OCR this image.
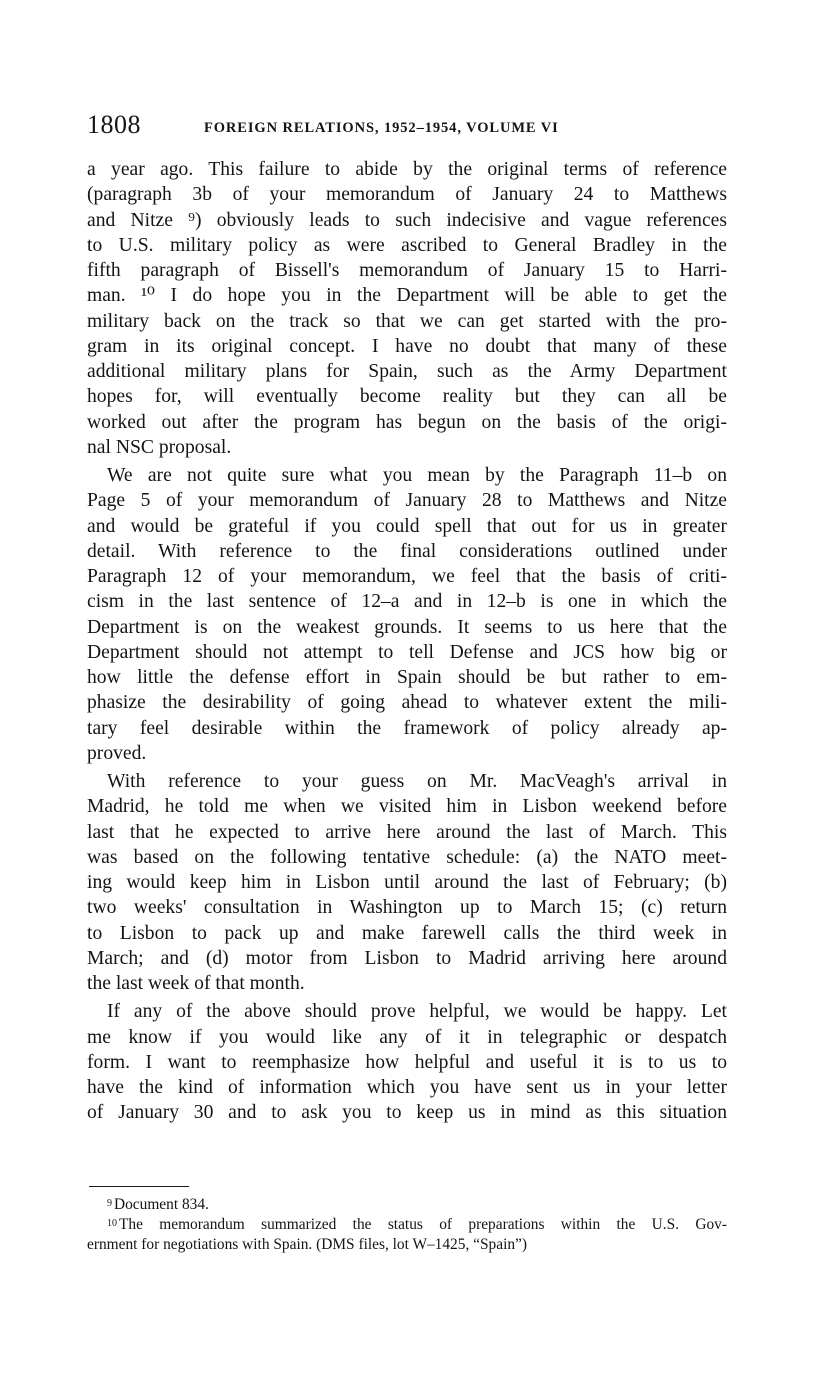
1808	FOREIGN RELATIONS, 1952–1954, VOLUME VI
a year ago. This failure to abide by the original terms of reference
(paragraph 3b of your memorandum of January 24 to Matthews
and Nitze ⁹) obviously leads to such indecisive and vague references
to U.S. military policy as were ascribed to General Bradley in the
fifth paragraph of Bissell's memorandum of January 15 to Harri-
man. ¹⁰ I do hope you in the Department will be able to get the
military back on the track so that we can get started with the pro-
gram in its original concept. I have no doubt that many of these
additional military plans for Spain, such as the Army Department
hopes for, will eventually become reality but they can all be
worked out after the program has begun on the basis of the origi-
nal NSC proposal.
We are not quite sure what you mean by the Paragraph 11–b on
Page 5 of your memorandum of January 28 to Matthews and Nitze
and would be grateful if you could spell that out for us in greater
detail. With reference to the final considerations outlined under
Paragraph 12 of your memorandum, we feel that the basis of criti-
cism in the last sentence of 12–a and in 12–b is one in which the
Department is on the weakest grounds. It seems to us here that the
Department should not attempt to tell Defense and JCS how big or
how little the defense effort in Spain should be but rather to em-
phasize the desirability of going ahead to whatever extent the mili-
tary feel desirable within the framework of policy already ap-
proved.
With reference to your guess on Mr. MacVeagh's arrival in
Madrid, he told me when we visited him in Lisbon weekend before
last that he expected to arrive here around the last of March. This
was based on the following tentative schedule: (a) the NATO meet-
ing would keep him in Lisbon until around the last of February; (b)
two weeks' consultation in Washington up to March 15; (c) return
to Lisbon to pack up and make farewell calls the third week in
March; and (d) motor from Lisbon to Madrid arriving here around
the last week of that month.
If any of the above should prove helpful, we would be happy. Let
me know if you would like any of it in telegraphic or despatch
form. I want to reemphasize how helpful and useful it is to us to
have the kind of information which you have sent us in your letter
of January 30 and to ask you to keep us in mind as this situation
$^9$ Document 834.
$^{10}$ The memorandum summarized the status of preparations within the U.S. Gov-
ernment for negotiations with Spain. (DMS files, lot W–1425, “Spain”)
